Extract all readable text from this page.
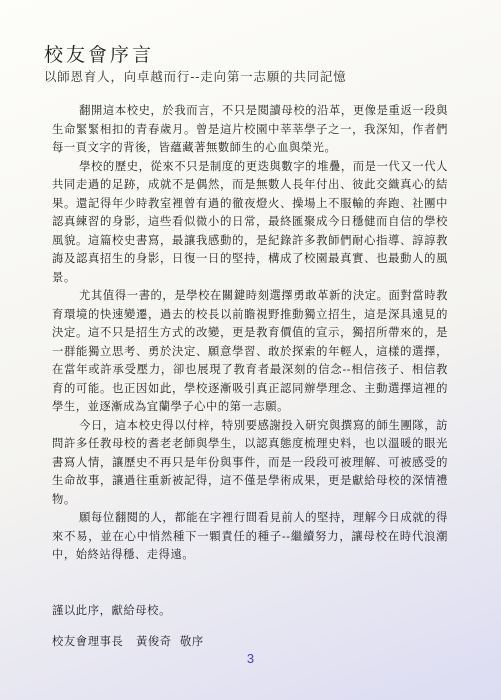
校友會序言
以師恩育人，向卓越而行--走向第一志願的共同記憶

翻開這本校史，於我而言，不只是閱讀母校的沿革，更像是重返一段與生命緊緊相扣的青春歲月。曾是這片校園中莘莘學子之一，我深知，作者們每一頁文字的背後，皆蘊藏著無數師生的心血與榮光。

學校的歷史，從來不只是制度的更迭與數字的堆疊，而是一代又一代人共同走過的足跡，成就不是偶然，而是無數人長年付出、彼此交織真心的結果。還記得年少時教室裡曾有過的徹夜燈火、操場上不服輸的奔跑、社團中認真練習的身影，這些看似微小的日常，最終匯聚成今日穩健而自信的學校風貌。這篇校史書寫，最讓我感動的，是紀錄許多教師們耐心指導、諄諄教誨及認真招生的身影，日復一日的堅持，構成了校園最真實、也最動人的風景。

尤其值得一書的，是學校在關鍵時刻選擇勇敢革新的決定。面對當時教育環境的快速變遷，過去的校長以前瞻視野推動獨立招生，這是深具遠見的決定。這不只是招生方式的改變，更是教育價值的宣示，獨招所帶來的，是一群能獨立思考、勇於決定、願意學習、敢於探索的年輕人，這樣的選擇，在當年或許承受壓力，卻也展現了教育者最深刻的信念--相信孩子、相信教育的可能。也正因如此，學校逐漸吸引真正認同辦學理念、主動選擇這裡的學生，並逐漸成為宜蘭學子心中的第一志願。

今日，這本校史得以付梓，特別要感謝投入研究與撰寫的師生團隊，訪問許多任教母校的耆老老師與學生，以認真態度梳理史料，也以溫暖的眼光書寫人情，讓歷史不再只是年份與事件，而是一段段可被理解、可被感受的生命故事，讓過往重新被記得，這不僅是學術成果，更是獻給母校的深情禮物。

願每位翻閱的人，都能在字裡行間看見前人的堅持，理解今日成就的得來不易，並在心中悄然種下一顆責任的種子--繼續努力，讓母校在時代浪潮中，始終站得穩、走得遠。

謹以此序，獻給母校。
校友會理事長   黃俊奇  敬序
3
